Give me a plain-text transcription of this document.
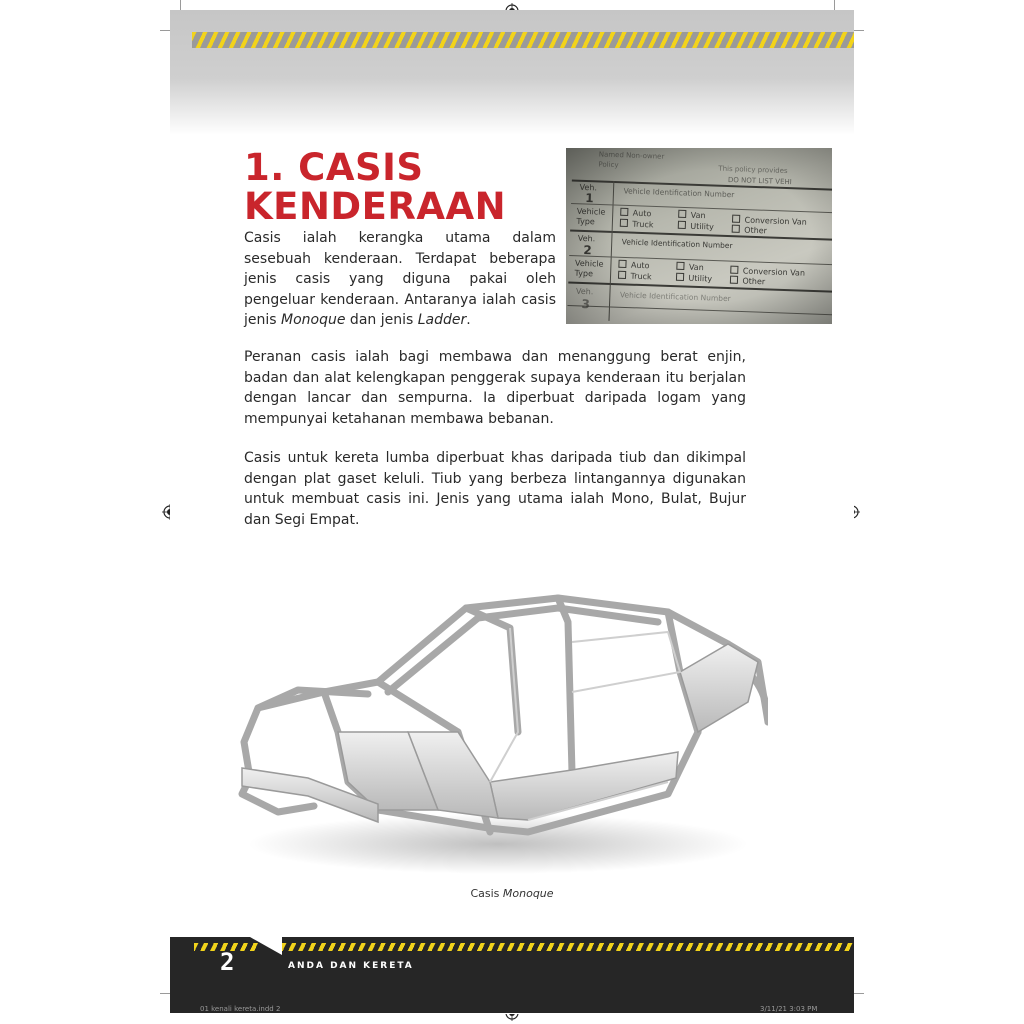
1. CASIS
KENDERAAN

Casis ialah kerangka utama dalam sesebuah kenderaan. Terdapat beberapa jenis casis yang diguna pakai oleh pengeluar kenderaan. Antaranya ialah casis jenis Monoque dan jenis Ladder.

Peranan casis ialah bagi membawa dan menanggung berat enjin, badan dan alat kelengkapan penggerak supaya kenderaan itu berjalan dengan lancar dan sempurna. Ia diperbuat daripada logam yang mempunyai ketahanan membawa bebanan.

Casis untuk kereta lumba diperbuat khas daripada tiub dan dikimpal dengan plat gaset keluli. Tiub yang berbeza lintangannya digunakan untuk membuat casis ini. Jenis yang utama ialah Mono, Bulat, Bujur dan Segi Empat.

Casis Monoque

2	ANDA DAN KERETA

01 kenali kereta.indd 2	3/11/21 3:03 PM
